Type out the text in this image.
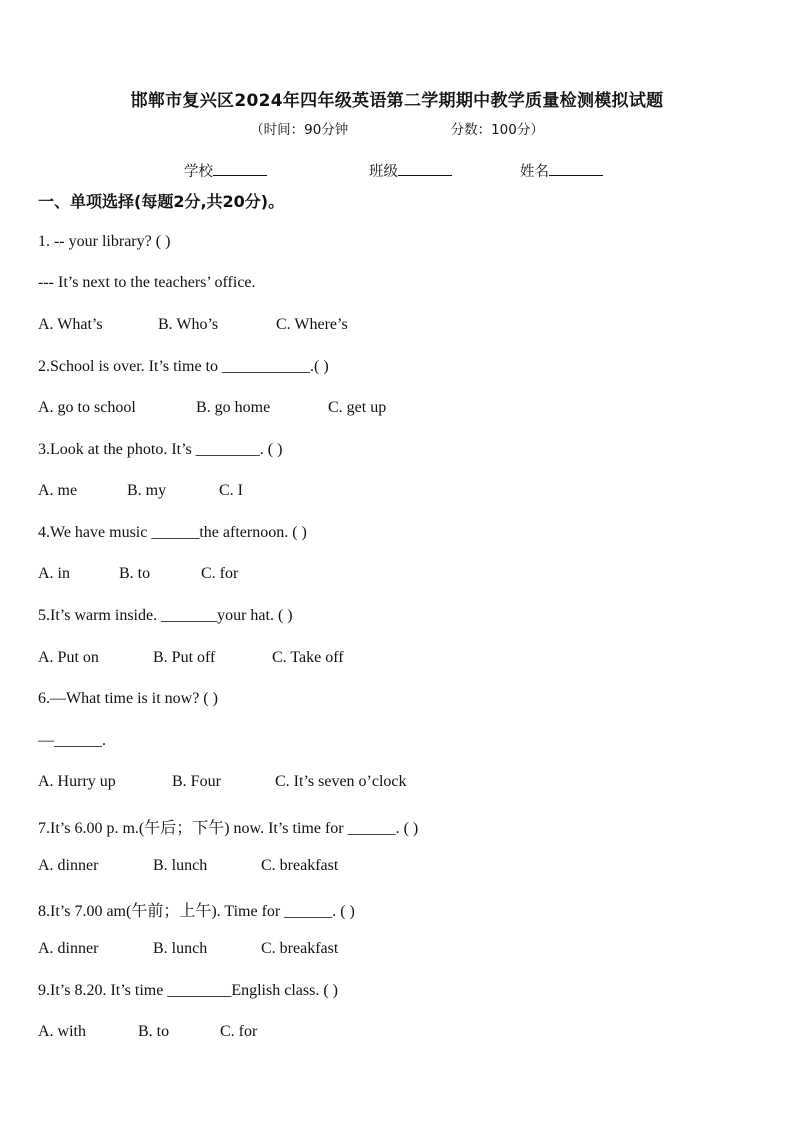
邯郸市复兴区2024年四年级英语第二学期期中教学质量检测模拟试题
（时间：90分钟	分数：100分）
学校	班级	姓名
一、单项选择(每题2分,共20分)。
1. -- your library? ( )
--- It’s next to the teachers’ office.
A. What’s	B. Who’s	C. Where’s
2.School is over. It’s time to ___________.( )
A. go to school	B. go home	C. get up
3.Look at the photo. It’s ________. ( )
A. me	B. my	C. I
4.We have music ______the afternoon. ( )
A. in	B. to	C. for
5.It’s warm inside. _______your hat. ( )
A. Put on	B. Put off	C. Take off
6.—What time is it now? ( )
—______.
A. Hurry up	B. Four	C. It’s seven o’clock
7.It’s 6.00 p. m.(午后；下午) now. It’s time for ______. ( )
A. dinner	B. lunch	C. breakfast
8.It’s 7.00 am(午前；上午). Time for ______. ( )
A. dinner	B. lunch	C. breakfast
9.It’s 8.20. It’s time ________English class. ( )
A. with	B. to	C. for
